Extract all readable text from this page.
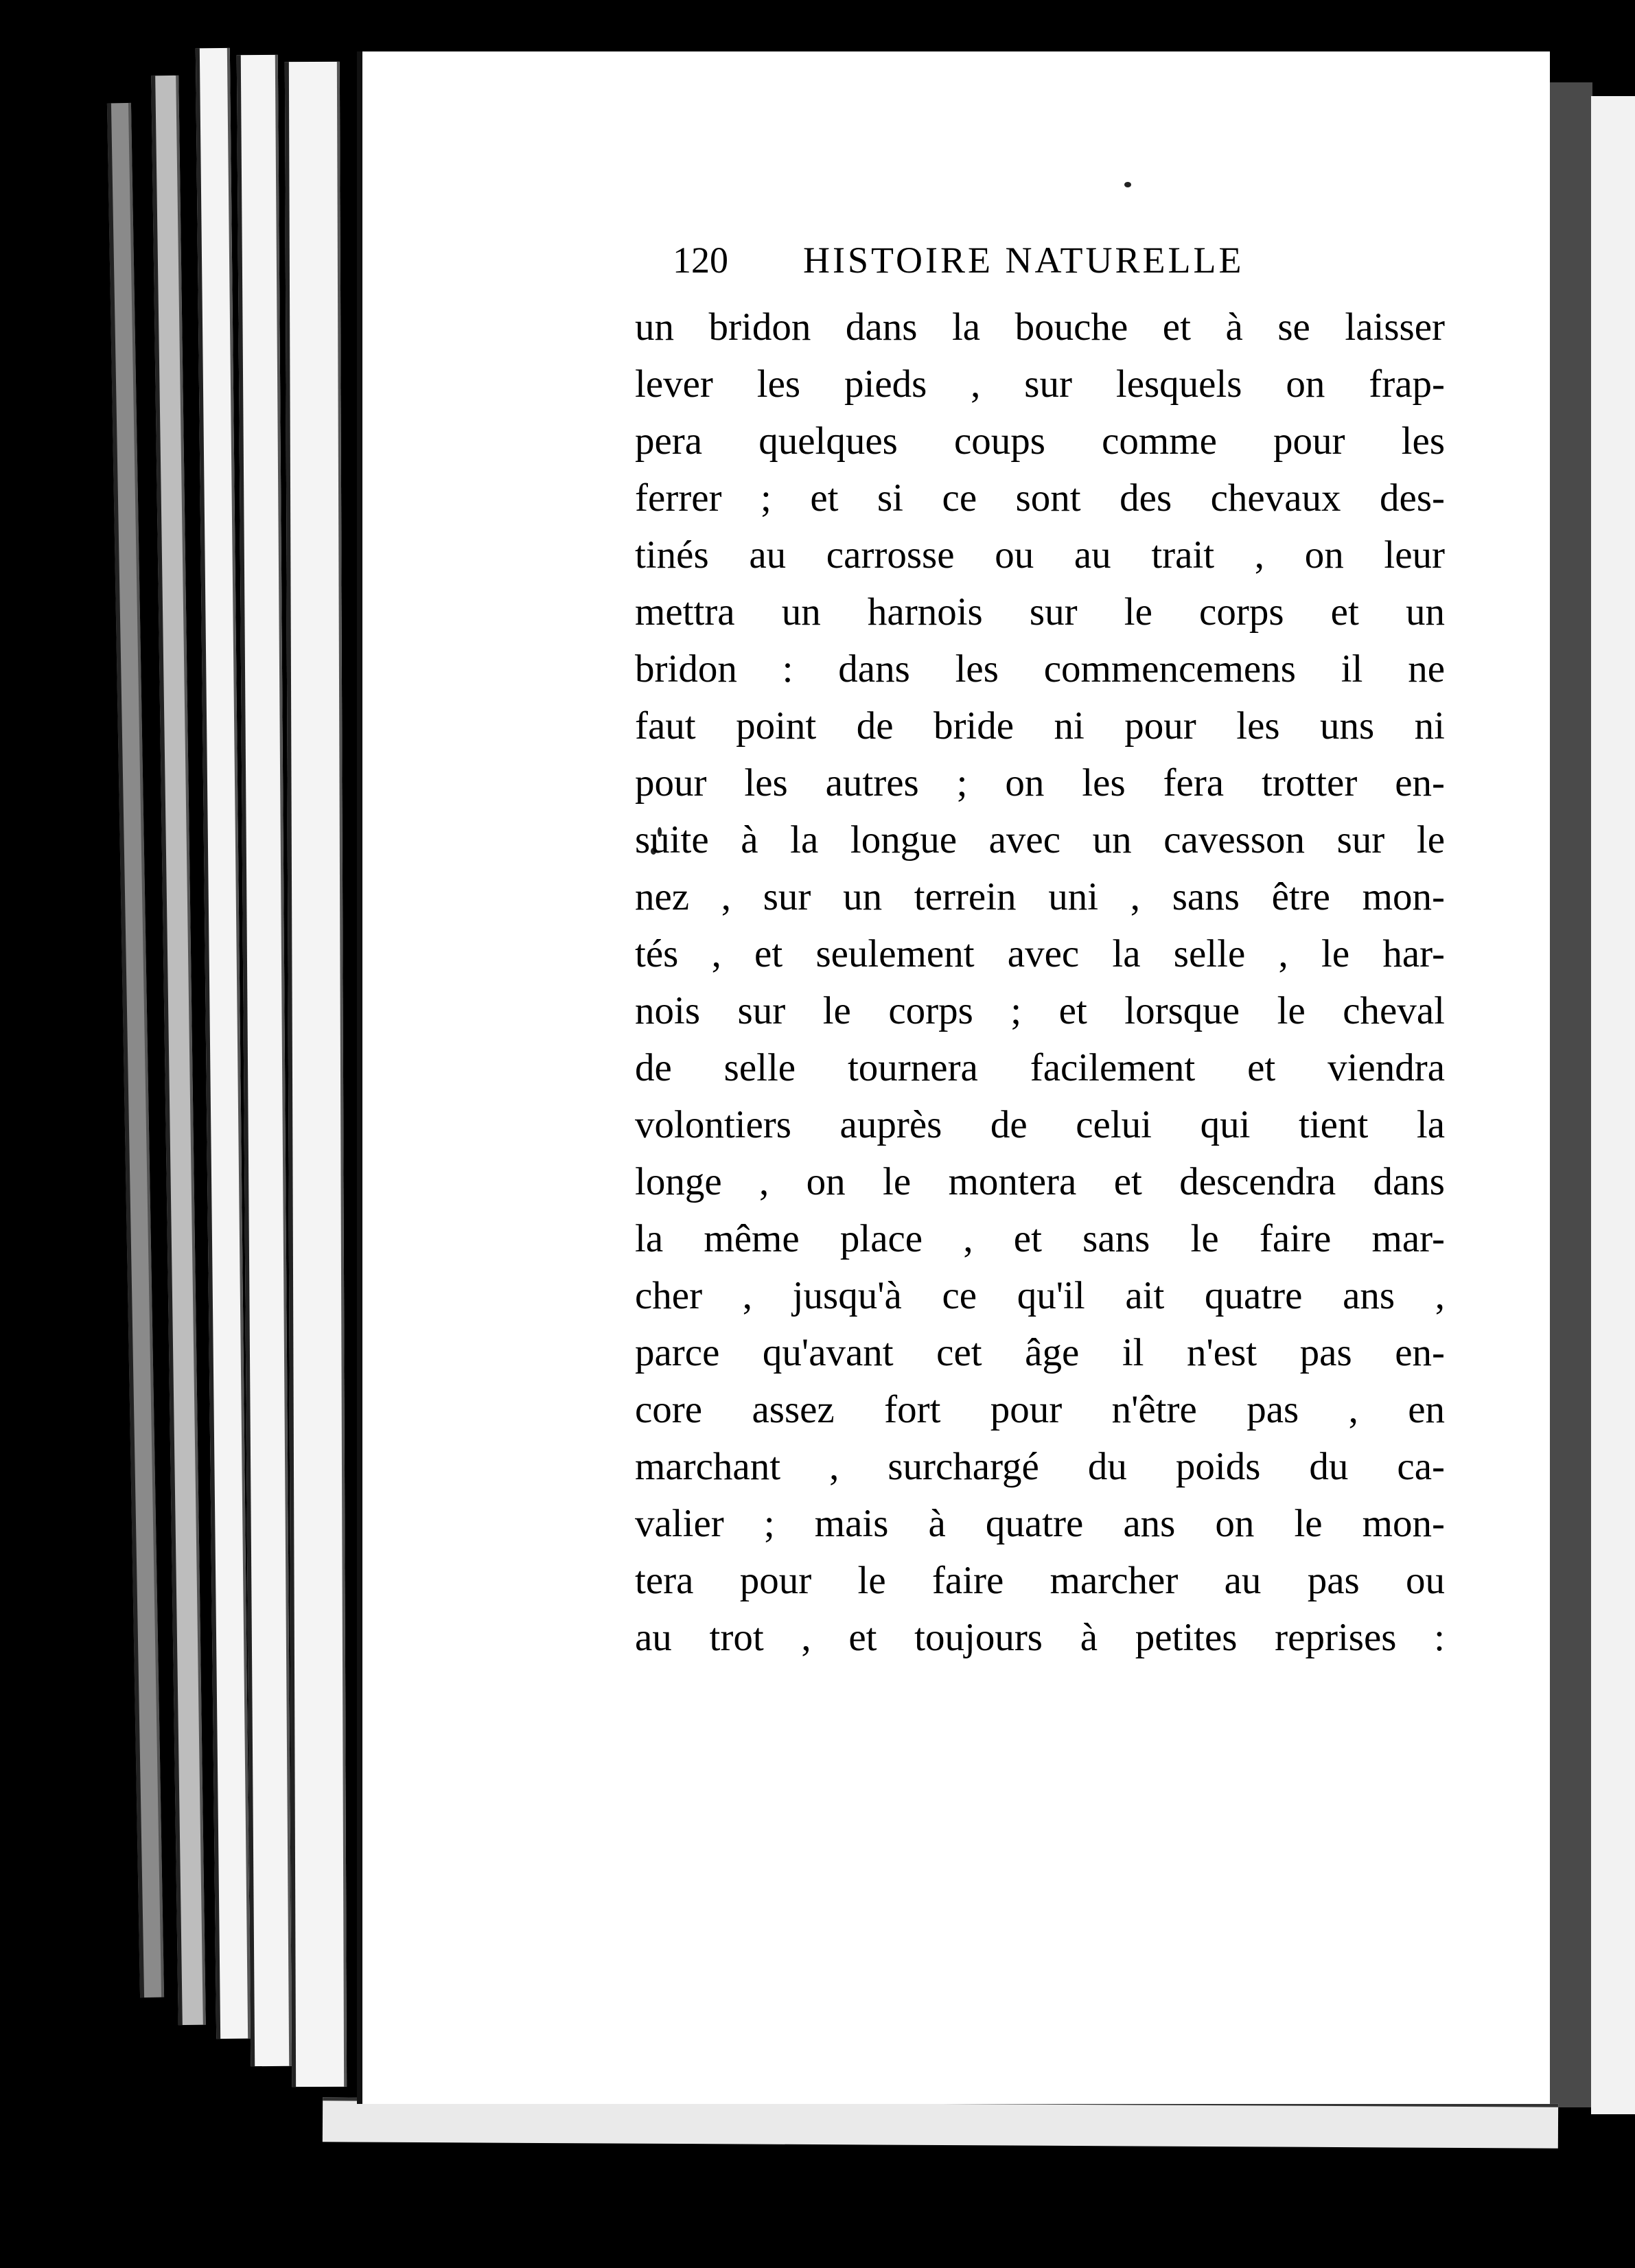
120 HISTOIRE NATURELLE
un bridon dans la bouche et à se laisser
lever les pieds , sur lesquels on frap-
pera quelques coups comme pour les
ferrer ; et si ce sont des chevaux des-
tinés au carrosse ou au trait , on leur
mettra un harnois sur le corps et un
bridon : dans les commencemens il ne
faut point de bride ni pour les uns ni
pour les autres ; on les fera trotter en-
suite à la longue avec un cavesson sur le
nez , sur un terrein uni , sans être mon-
tés , et seulement avec la selle , le har-
nois sur le corps ; et lorsque le cheval
de selle tournera facilement et viendra
volontiers auprès de celui qui tient la
longe , on le montera et descendra dans
la même place , et sans le faire mar-
cher , jusqu'à ce qu'il ait quatre ans ,
parce qu'avant cet âge il n'est pas en-
core assez fort pour n'être pas , en
marchant , surchargé du poids du ca-
valier ; mais à quatre ans on le mon-
tera pour le faire marcher au pas ou
au trot , et toujours à petites reprises :
